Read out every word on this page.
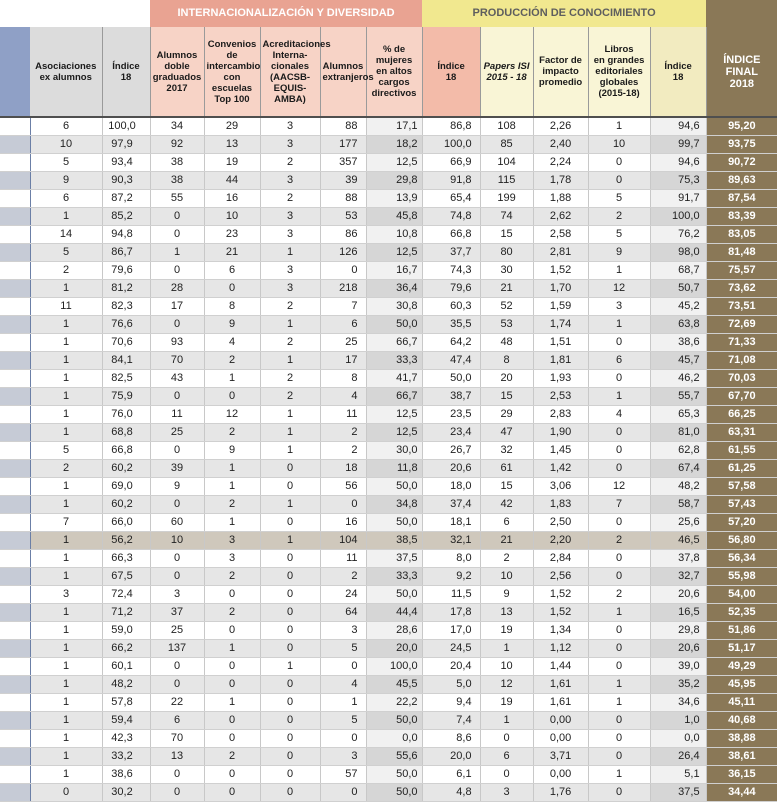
			INTERNACIONALIZACIÓN Y DIVERSIDAD					PRODUCCIÓN DE CONOCIMIENTO					
	Asociaciones
ex alumnos	Índice
18	Alumnos
doble
graduados
2017	Convenios
de
intercambio
con escuelas
Top 100	Acreditaciones
Interna-
cionales
(AACSB-
EQUIS-AMBA)	Alumnos
extranjeros	% de
mujeres
en altos
cargos
directivos	Índice
18	Papers ISI
2015 - 18	Factor de
impacto
promedio	Libros
en grandes
editoriales
globales
(2015-18)	Índice
18	ÍNDICE
FINAL
2018
	6	100,0	34	29	3	88	17,1	86,8	108	2,26	1	94,6	95,20
	10	97,9	92	13	3	177	18,2	100,0	85	2,40	10	99,7	93,75
	5	93,4	38	19	2	357	12,5	66,9	104	2,24	0	94,6	90,72
	9	90,3	38	44	3	39	29,8	91,8	115	1,78	0	75,3	89,63
	6	87,2	55	16	2	88	13,9	65,4	199	1,88	5	91,7	87,54
	1	85,2	0	10	3	53	45,8	74,8	74	2,62	2	100,0	83,39
	14	94,8	0	23	3	86	10,8	66,8	15	2,58	5	76,2	83,05
	5	86,7	1	21	1	126	12,5	37,7	80	2,81	9	98,0	81,48
	2	79,6	0	6	3	0	16,7	74,3	30	1,52	1	68,7	75,57
	1	81,2	28	0	3	218	36,4	79,6	21	1,70	12	50,7	73,62
	11	82,3	17	8	2	7	30,8	60,3	52	1,59	3	45,2	73,51
	1	76,6	0	9	1	6	50,0	35,5	53	1,74	1	63,8	72,69
	1	70,6	93	4	2	25	66,7	64,2	48	1,51	0	38,6	71,33
	1	84,1	70	2	1	17	33,3	47,4	8	1,81	6	45,7	71,08
	1	82,5	43	1	2	8	41,7	50,0	20	1,93	0	46,2	70,03
	1	75,9	0	0	2	4	66,7	38,7	15	2,53	1	55,7	67,70
	1	76,0	11	12	1	11	12,5	23,5	29	2,83	4	65,3	66,25
	1	68,8	25	2	1	2	12,5	23,4	47	1,90	0	81,0	63,31
	5	66,8	0	9	1	2	30,0	26,7	32	1,45	0	62,8	61,55
	2	60,2	39	1	0	18	11,8	20,6	61	1,42	0	67,4	61,25
	1	69,0	9	1	0	56	50,0	18,0	15	3,06	12	48,2	57,58
	1	60,2	0	2	1	0	34,8	37,4	42	1,83	7	58,7	57,43
	7	66,0	60	1	0	16	50,0	18,1	6	2,50	0	25,6	57,20
	1	56,2	10	3	1	104	38,5	32,1	21	2,20	2	46,5	56,80
	1	66,3	0	3	0	11	37,5	8,0	2	2,84	0	37,8	56,34
	1	67,5	0	2	0	2	33,3	9,2	10	2,56	0	32,7	55,98
	3	72,4	3	0	0	24	50,0	11,5	9	1,52	2	20,6	54,00
	1	71,2	37	2	0	64	44,4	17,8	13	1,52	1	16,5	52,35
	1	59,0	25	0	0	3	28,6	17,0	19	1,34	0	29,8	51,86
	1	66,2	137	1	0	5	20,0	24,5	1	1,12	0	20,6	51,17
	1	60,1	0	0	1	0	100,0	20,4	10	1,44	0	39,0	49,29
	1	48,2	0	0	0	4	45,5	5,0	12	1,61	1	35,2	45,95
	1	57,8	22	1	0	1	22,2	9,4	19	1,61	1	34,6	45,11
	1	59,4	6	0	0	5	50,0	7,4	1	0,00	0	1,0	40,68
	1	42,3	70	0	0	0	0,0	8,6	0	0,00	0	0,0	38,88
	1	33,2	13	2	0	3	55,6	20,0	6	3,71	0	26,4	38,61
	1	38,6	0	0	0	57	50,0	6,1	0	0,00	1	5,1	36,15
	0	30,2	0	0	0	0	50,0	4,8	3	1,76	0	37,5	34,44
